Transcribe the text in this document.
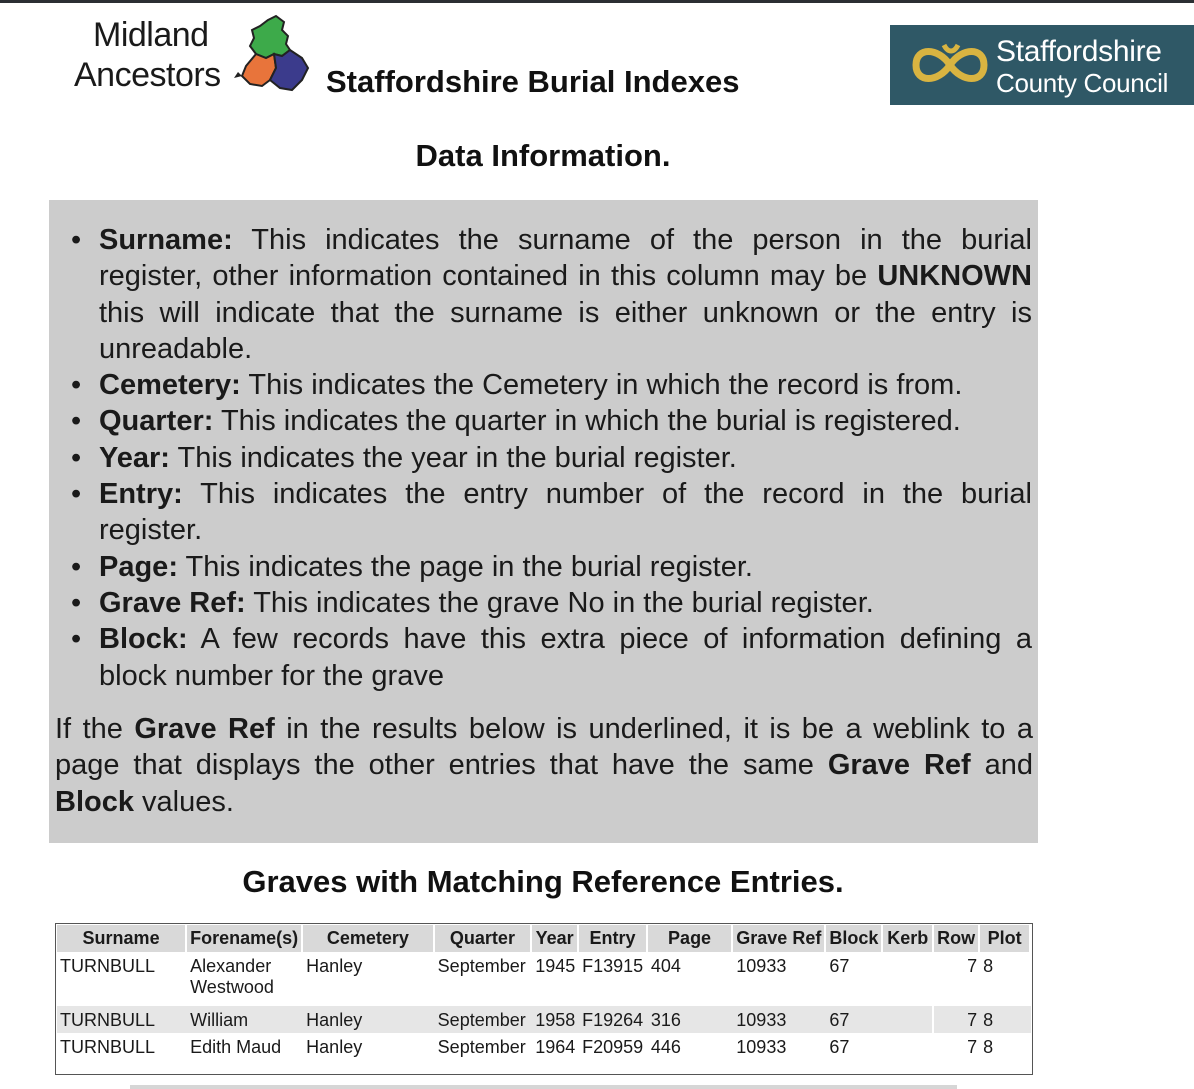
Midland
Ancestors	Staffordshire Burial Indexes
Staffordshire
County Council
Data Information.
• Surname: This indicates the surname of the person in the burial register, other information contained in this column may be UNKNOWN this will indicate that the surname is either unknown or the entry is unreadable.
• Cemetery: This indicates the Cemetery in which the record is from.
• Quarter: This indicates the quarter in which the burial is registered.
• Year: This indicates the year in the burial register.
• Entry: This indicates the entry number of the record in the burial register.
• Page: This indicates the page in the burial register.
• Grave Ref: This indicates the grave No in the burial register.
• Block: A few records have this extra piece of information defining a block number for the grave

If the Grave Ref in the results below is underlined, it is be a weblink to a page that displays the other entries that have the same Grave Ref and Block values.

Graves with Matching Reference Entries.
Surname	Forename(s)	Cemetery	Quarter	Year	Entry	Page	Grave Ref	Block	Kerb	Row	Plot
TURNBULL	Alexander Westwood	Hanley	September	1945	F13915	404	10933	67		7	8
TURNBULL	William	Hanley	September	1958	F19264	316	10933	67		7	8
TURNBULL	Edith Maud	Hanley	September	1964	F20959	446	10933	67		7	8
